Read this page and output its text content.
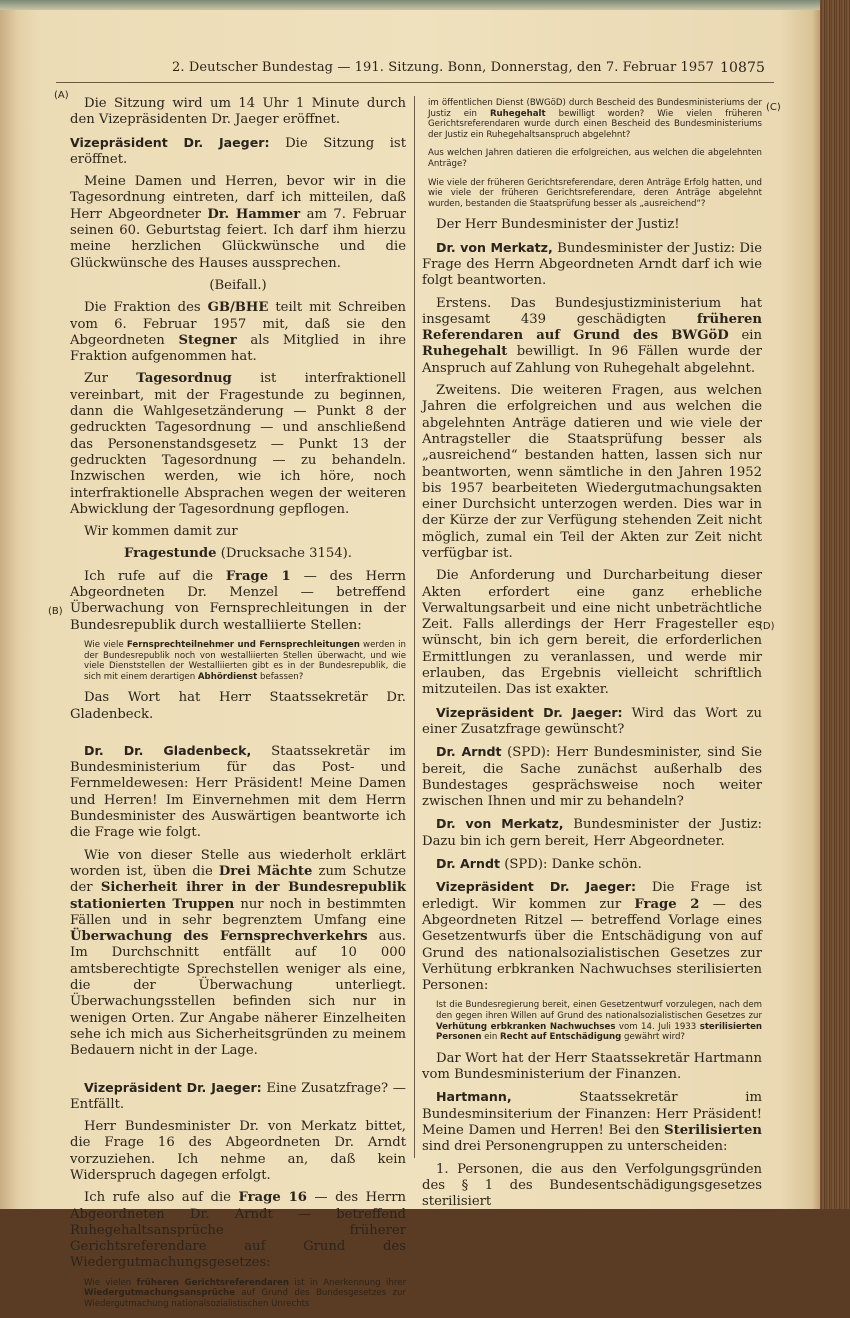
2. Deutscher Bundestag — 191. Sitzung. Bonn, Donnerstag, den 7. Februar 1957 10875
(A)
(B)
(C)
(D)

Die Sitzung wird um 14 Uhr 1 Minute durch den Vizepräsidenten Dr. Jaeger eröffnet.

Vizepräsident Dr. Jaeger: Die Sitzung ist eröffnet.

Meine Damen und Herren, bevor wir in die Tagesordnung eintreten, darf ich mitteilen, daß Herr Abgeordneter Dr. Hammer am 7. Februar seinen 60. Geburtstag feiert. Ich darf ihm hierzu meine herzlichen Glückwünsche und die Glückwünsche des Hauses aussprechen.

(Beifall.)

Die Fraktion des GB/BHE teilt mit Schreiben vom 6. Februar 1957 mit, daß sie den Abgeordneten Stegner als Mitglied in ihre Fraktion aufgenommen hat.

Zur Tagesordnug ist interfraktionell vereinbart, mit der Fragestunde zu beginnen, dann die Wahlgesetzänderung — Punkt 8 der gedruckten Tagesordnung — und anschließend das Personenstandsgesetz — Punkt 13 der gedruckten Tagesordnung — zu behandeln. Inzwischen werden, wie ich höre, noch interfraktionelle Absprachen wegen der weiteren Abwicklung der Tagesordnung gepflogen.

Wir kommen damit zur

Fragestunde (Drucksache 3154).

Ich rufe auf die Frage 1 — des Herrn Abgeordneten Dr. Menzel — betreffend Überwachung von Fernsprechleitungen in der Bundesrepublik durch westalliierte Stellen:

Wie viele Fernsprechteilnehmer und Fernsprechleitungen werden in der Bundesrepublik noch von westalliierten Stellen überwacht, und wie viele Dienststellen der Westalliierten gibt es in der Bundesrepublik, die sich mit einem derartigen Abhördienst befassen?

Das Wort hat Herr Staatssekretär Dr. Gladenbeck.

Dr. Dr. Gladenbeck, Staatssekretär im Bundesministerium für das Post- und Fernmeldewesen: Herr Präsident! Meine Damen und Herren! Im Einvernehmen mit dem Herrn Bundesminister des Auswärtigen beantworte ich die Frage wie folgt.

Wie von dieser Stelle aus wiederholt erklärt worden ist, üben die Drei Mächte zum Schutze der Sicherheit ihrer in der Bundesrepublik stationierten Truppen nur noch in bestimmten Fällen und in sehr begrenztem Umfang eine Überwachung des Fernsprechverkehrs aus. Im Durchschnitt entfällt auf 10 000 amtsberechtigte Sprechstellen weniger als eine, die der Überwachung unterliegt. Überwachungsstellen befinden sich nur in wenigen Orten. Zur Angabe näherer Einzelheiten sehe ich mich aus Sicherheitsgründen zu meinem Bedauern nicht in der Lage.

Vizepräsident Dr. Jaeger: Eine Zusatzfrage? — Entfällt.

Herr Bundesminister Dr. von Merkatz bittet, die Frage 16 des Abgeordneten Dr. Arndt vorzuziehen. Ich nehme an, daß kein Widerspruch dagegen erfolgt.

Ich rufe also auf die Frage 16 — des Herrn Abgeordneten Dr. Arndt — betreffend Ruhegehaltsansprüche früherer Gerichtsreferendare auf Grund des Wiedergutmachungsgesetzes:

Wie vielen früheren Gerichtsreferendaren ist in Anerkennung ihrer Wiedergutmachungsansprüche auf Grund des Bundesgesetzes zur Wiedergutmachung nationalsozialistischen Unrechts
im öffentlichen Dienst (BWGöD) durch Bescheid des Bundesministeriums der Justiz ein Ruhegehalt bewilligt worden? Wie vielen früheren Gerichtsreferendaren wurde durch einen Bescheid des Bundesministeriums der Justiz ein Ruhegehaltsanspruch abgelehnt?
Aus welchen Jahren datieren die erfolgreichen, aus welchen die abgelehnten Anträge?
Wie viele der früheren Gerichtsreferendare, deren Anträge Erfolg hatten, und wie viele der früheren Gerichtsreferendare, deren Anträge abgelehnt wurden, bestanden die Staatsprüfung besser als „ausreichend“?

Der Herr Bundesminister der Justiz!

Dr. von Merkatz, Bundesminister der Justiz: Die Frage des Herrn Abgeordneten Arndt darf ich wie folgt beantworten.

Erstens. Das Bundesjustizministerium hat insgesamt 439 geschädigten früheren Referendaren auf Grund des BWGöD ein Ruhegehalt bewilligt. In 96 Fällen wurde der Anspruch auf Zahlung von Ruhegehalt abgelehnt.

Zweitens. Die weiteren Fragen, aus welchen Jahren die erfolgreichen und aus welchen die abgelehnten Anträge datieren und wie viele der Antragsteller die Staatsprüfung besser als „ausreichend“ bestanden hatten, lassen sich nur beantworten, wenn sämtliche in den Jahren 1952 bis 1957 bearbeiteten Wiedergutmachungsakten einer Durchsicht unterzogen werden. Dies war in der Kürze der zur Verfügung stehenden Zeit nicht möglich, zumal ein Teil der Akten zur Zeit nicht verfügbar ist.

Die Anforderung und Durcharbeitung dieser Akten erfordert eine ganz erhebliche Verwaltungsarbeit und eine nicht unbeträchtliche Zeit. Falls allerdings der Herr Fragesteller es wünscht, bin ich gern bereit, die erforderlichen Ermittlungen zu veranlassen, und werde mir erlauben, das Ergebnis vielleicht schriftlich mitzuteilen. Das ist exakter.

Vizepräsident Dr. Jaeger: Wird das Wort zu einer Zusatzfrage gewünscht?

Dr. Arndt (SPD): Herr Bundesminister, sind Sie bereit, die Sache zunächst außerhalb des Bundestages gesprächsweise noch weiter zwischen Ihnen und mir zu behandeln?

Dr. von Merkatz, Bundesminister der Justiz: Dazu bin ich gern bereit, Herr Abgeordneter.

Dr. Arndt (SPD): Danke schön.

Vizepräsident Dr. Jaeger: Die Frage ist erledigt. Wir kommen zur Frage 2 — des Abgeordneten Ritzel — betreffend Vorlage eines Gesetzentwurfs über die Entschädigung von auf Grund des nationalsozialistischen Gesetzes zur Verhütung erbkranken Nachwuchses sterilisierten Personen:

Ist die Bundesregierung bereit, einen Gesetzentwurf vorzulegen, nach dem den gegen ihren Willen auf Grund des nationalsozialistischen Gesetzes zur Verhütung erbkranken Nachwuchses vom 14. Juli 1933 sterilisierten Personen ein Recht auf Entschädigung gewährt wird?

Dar Wort hat der Herr Staatssekretär Hartmann vom Bundesministerium der Finanzen.

Hartmann, Staatssekretär im Bundesminsiterium der Finanzen: Herr Präsident! Meine Damen und Herren! Bei den Sterilisierten sind drei Personengruppen zu unterscheiden:

1. Personen, die aus den Verfolgungsgründen des § 1 des Bundesentschädigungsgesetzes sterilisiert
